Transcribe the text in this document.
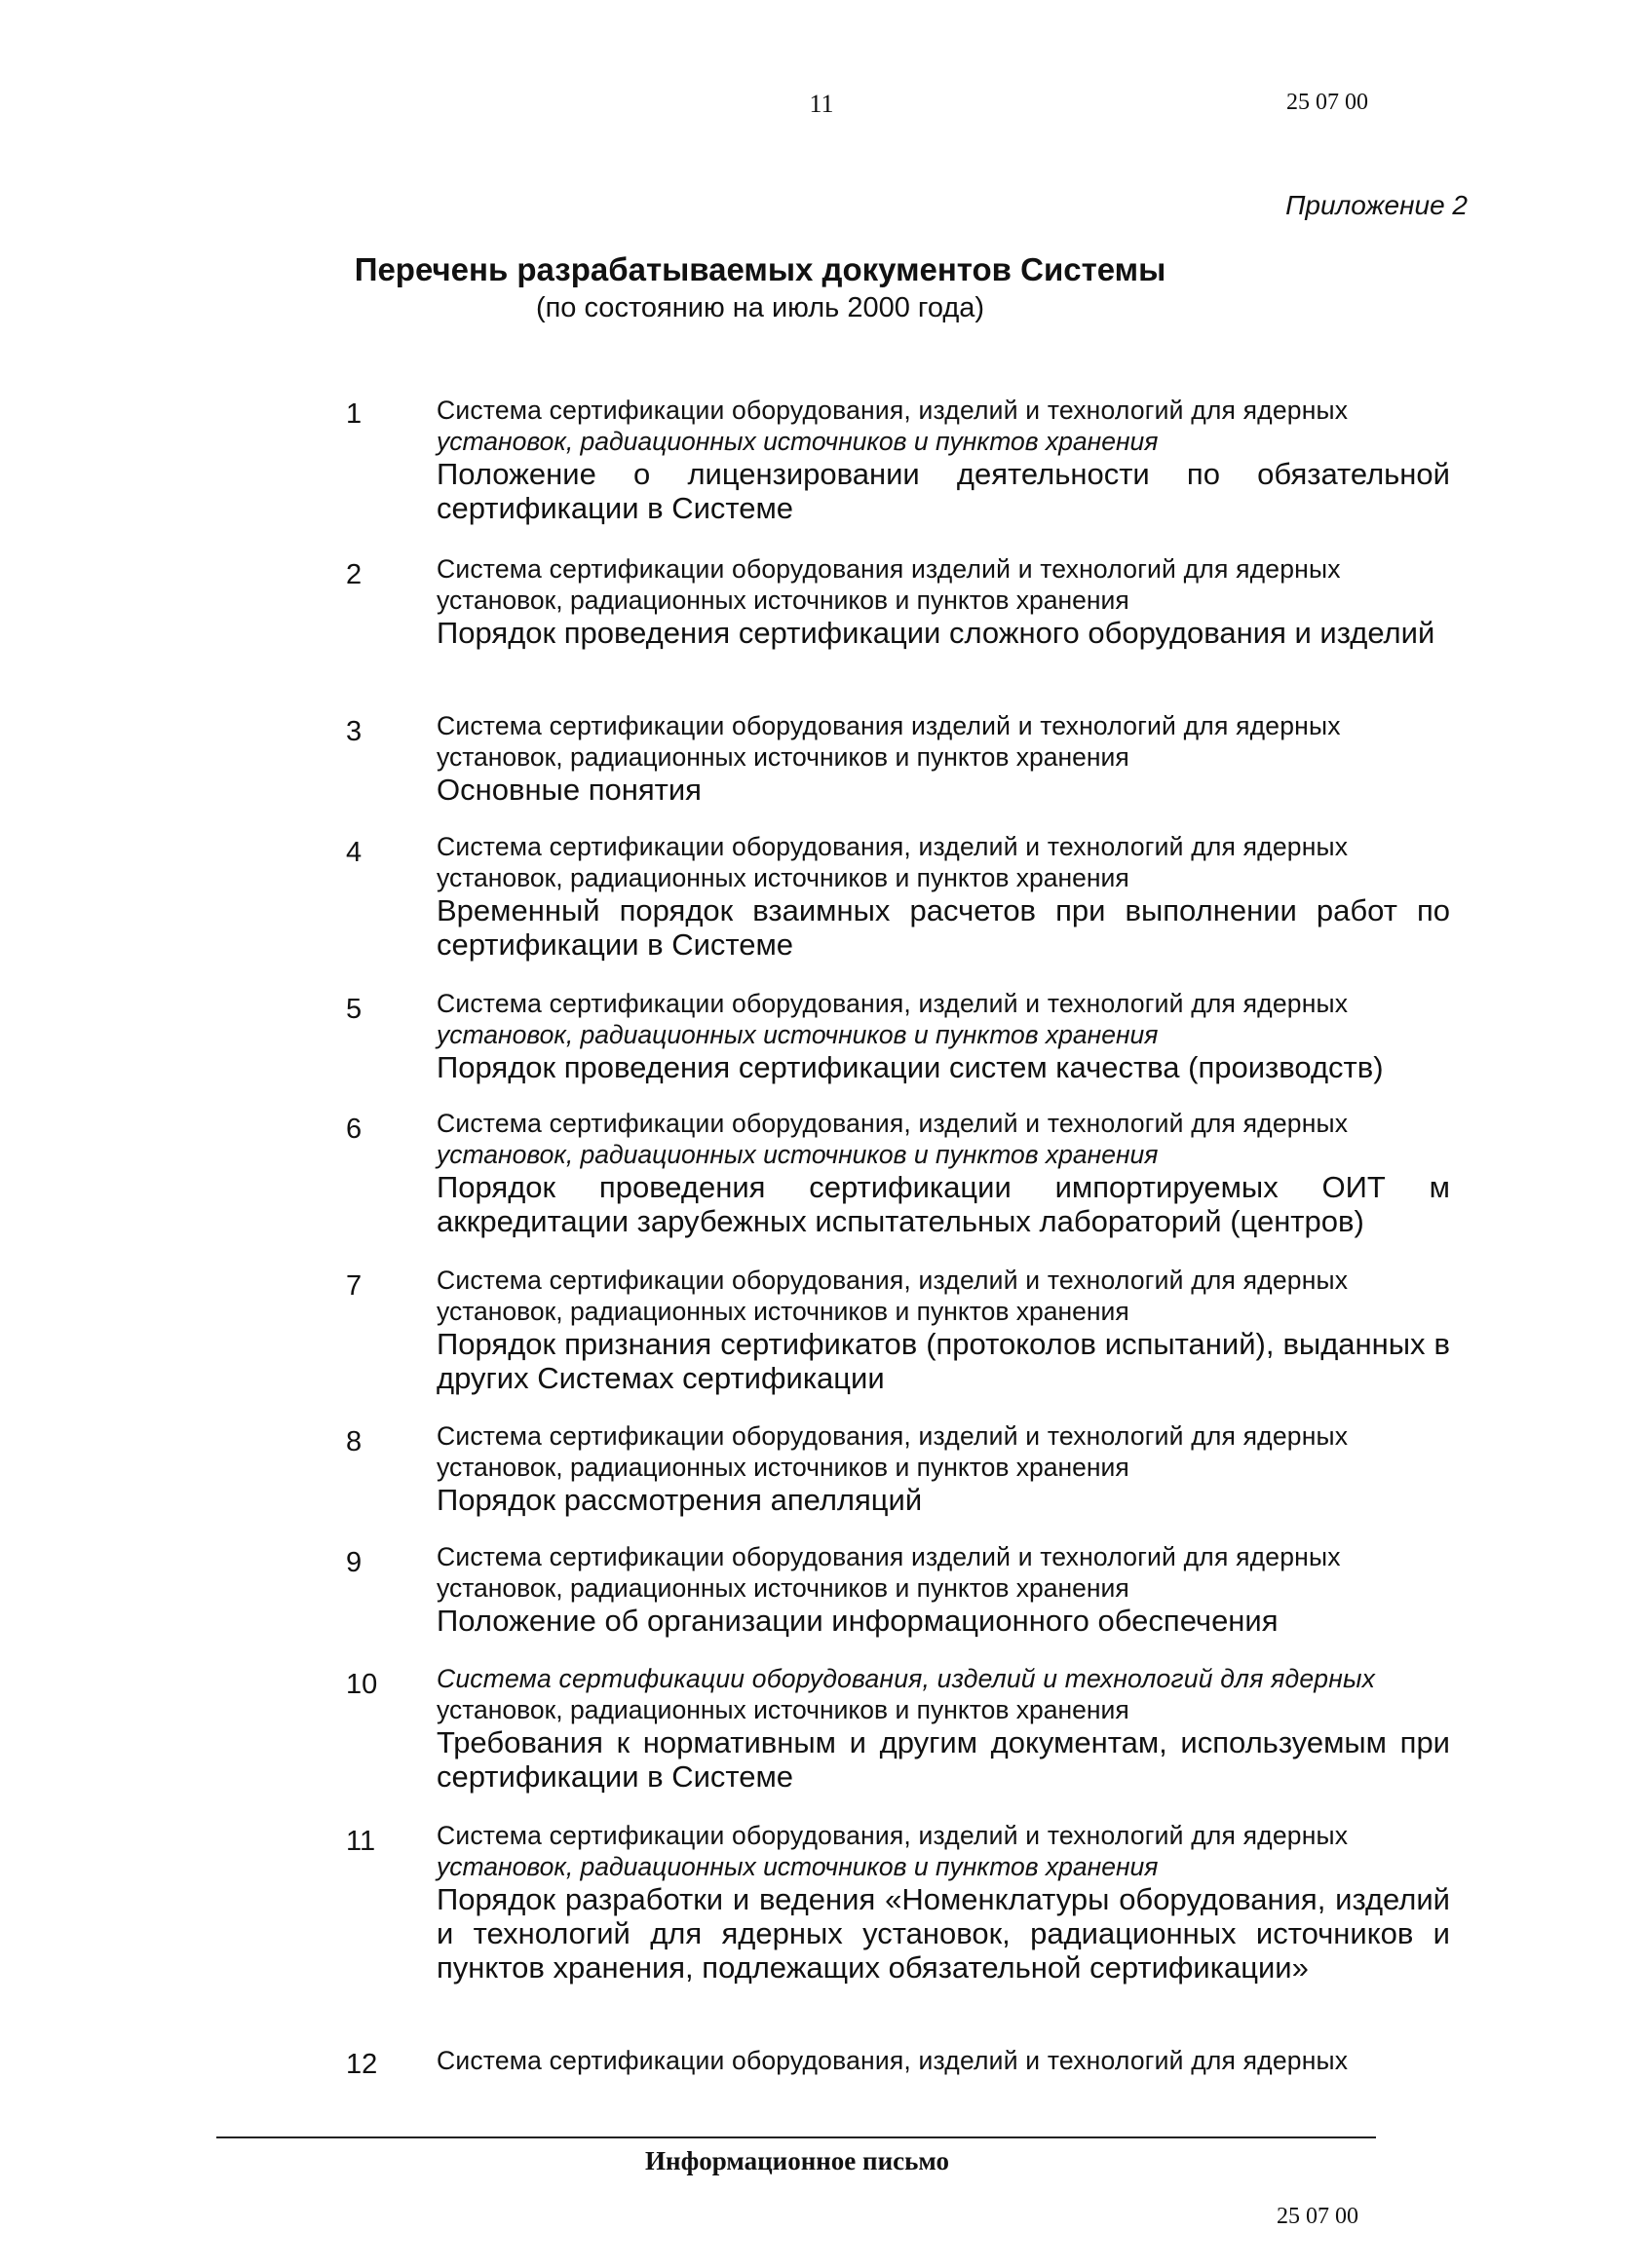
11	25 07 00
Приложение 2
Перечень разрабатываемых документов Системы
(по состоянию на июль 2000 года)
1	Система сертификации оборудования, изделий и технологий для ядерных
установок, радиационных источников и пунктов хранения
Положение о лицензировании деятельности по обязательной сертификации в Системе
2	Система сертификации оборудования изделий и технологий для ядерных
установок, радиационных источников и пунктов хранения
Порядок проведения сертификации сложного оборудования и изделий
3	Система сертификации оборудования изделий и технологий для ядерных
установок, радиационных источников и пунктов хранения
Основные понятия
4	Система сертификации оборудования, изделий и технологий для ядерных
установок, радиационных источников и пунктов хранения
Временный порядок взаимных расчетов при выполнении работ по сертификации в Системе
5	Система сертификации оборудования, изделий и технологий для ядерных
установок, радиационных источников и пунктов хранения
Порядок проведения сертификации систем качества (производств)
6	Система сертификации оборудования, изделий и технологий для ядерных
установок, радиационных источников и пунктов хранения
Порядок проведения сертификации импортируемых ОИТ м аккредитации зарубежных испытательных лабораторий (центров)
7	Система сертификации оборудования, изделий и технологий для ядерных
установок, радиационных источников и пунктов хранения
Порядок признания сертификатов (протоколов испытаний), выданных в других Системах сертификации
8	Система сертификации оборудования, изделий и технологий для ядерных
установок, радиационных источников и пунктов хранения
Порядок рассмотрения апелляций
9	Система сертификации оборудования изделий и технологий для ядерных
установок, радиационных источников и пунктов хранения
Положение об организации информационного обеспечения
10	Система сертификации оборудования, изделий и технологий для ядерных
установок, радиационных источников и пунктов хранения
Требования к нормативным и другим документам, используемым при сертификации в Системе
11	Система сертификации оборудования, изделий и технологий для ядерных
установок, радиационных источников и пунктов хранения
Порядок разработки и ведения «Номенклатуры оборудования, изделий и технологий для ядерных установок, радиационных источников и пунктов хранения, подлежащих обязательной сертификации»
12	Система сертификации оборудования, изделий и технологий для ядерных
Информационное письмо
25 07 00
